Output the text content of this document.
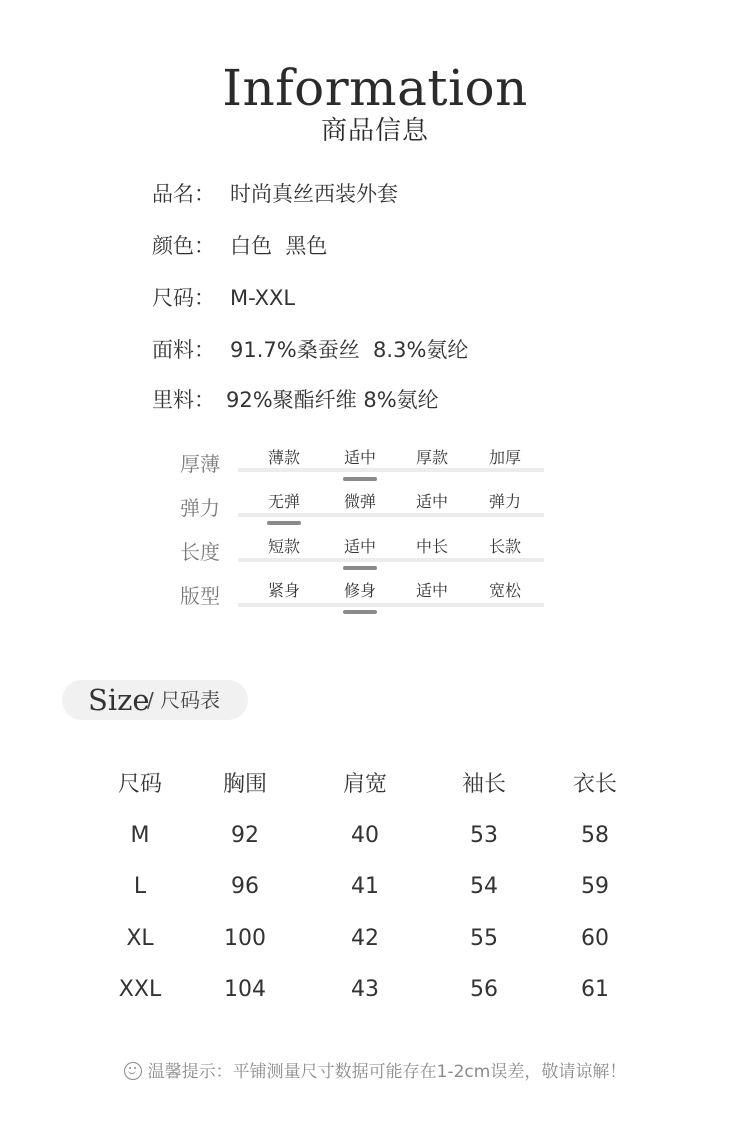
Information
商品信息
品名： 时尚真丝西装外套
颜色： 白色  黑色
尺码： M-XXL
面料： 91.7%桑蚕丝  8.3%氨纶
里料： 92%聚酯纤维 8%氨纶
厚薄	薄款	适中	厚款	加厚
弹力	无弹	微弹	适中	弹力
长度	短款	适中	中长	长款
版型	紧身	修身	适中	宽松
Size
/ 尺码表
尺码	胸围	肩宽	袖长	衣长
M	92	40	53	58
L	96	41	54	59
XL	100	42	55	60
XXL	104	43	56	61
温馨提示：平铺测量尺寸数据可能存在1-2cm误差，敬请谅解！
